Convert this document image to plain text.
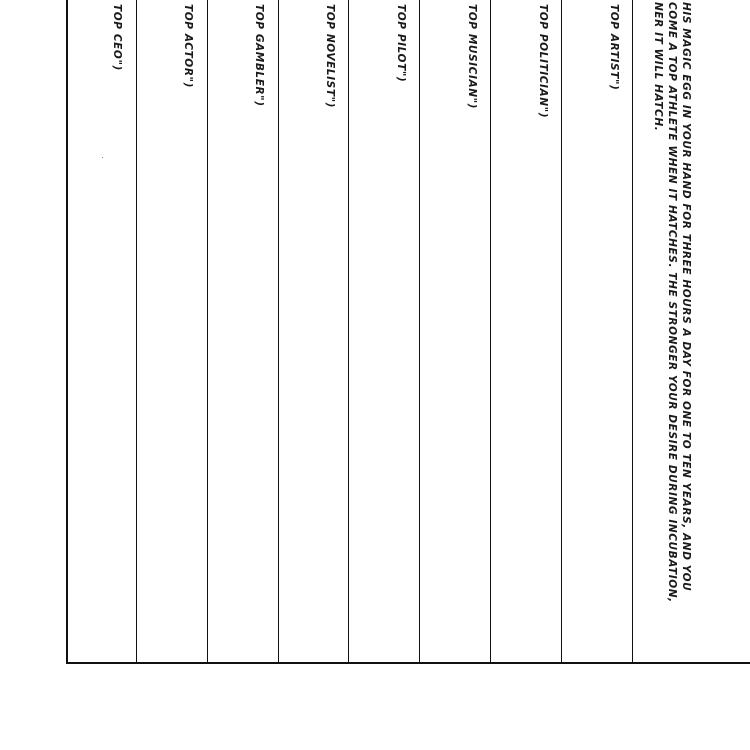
HIS MAGIC EGG IN YOUR HAND FOR THREE HOURS A DAY FOR ONE TO TEN YEARS, AND YOU
COME A TOP ATHLETE WHEN IT HATCHES. THE STRONGER YOUR DESIRE DURING INCUBATION,
NER IT WILL HATCH.
TOP ARTIST")
TOP POLITICIAN")
TOP MUSICIAN")
TOP PILOT")
TOP NOVELIST")
TOP GAMBLER")
TOP ACTOR")
TOP CEO")
